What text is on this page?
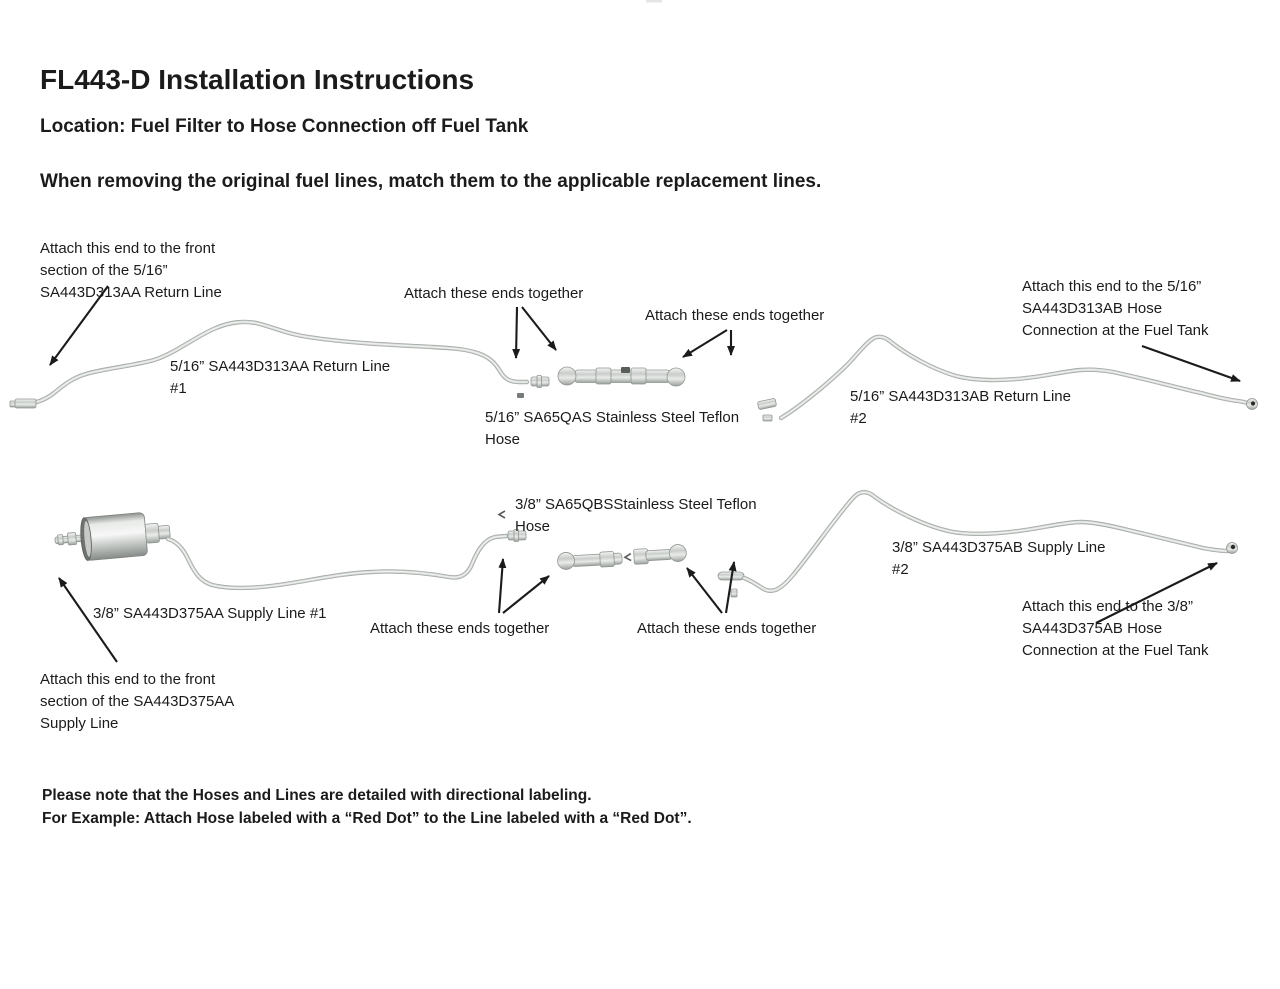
FL443-D Installation Instructions
Location: Fuel Filter to Hose Connection off Fuel Tank
When removing the original fuel lines, match them to the applicable replacement lines.
Attach this end to the front
section of the 5/16”
SA443D313AA Return Line	Attach these ends together
Attach these ends together
Attach this end to the 5/16”
SA443D313AB Hose
Connection at the Fuel Tank
5/16” SA443D313AA Return Line
#1
5/16” SA65QAS Stainless Steel Teflon
Hose
5/16” SA443D313AB Return Line
#2
3/8” SA65QBSStainless Steel Teflon
Hose
3/8” SA443D375AA Supply Line #1
Attach these ends together	Attach these ends together
3/8” SA443D375AB Supply Line
#2
Attach this end to the 3/8”
SA443D375AB Hose
Connection at the Fuel Tank
Attach this end to the front
section of the SA443D375AA
Supply Line
Please note that the Hoses and Lines are detailed with directional labeling.
For Example: Attach Hose labeled with a “Red Dot” to the Line labeled with a “Red Dot”.
